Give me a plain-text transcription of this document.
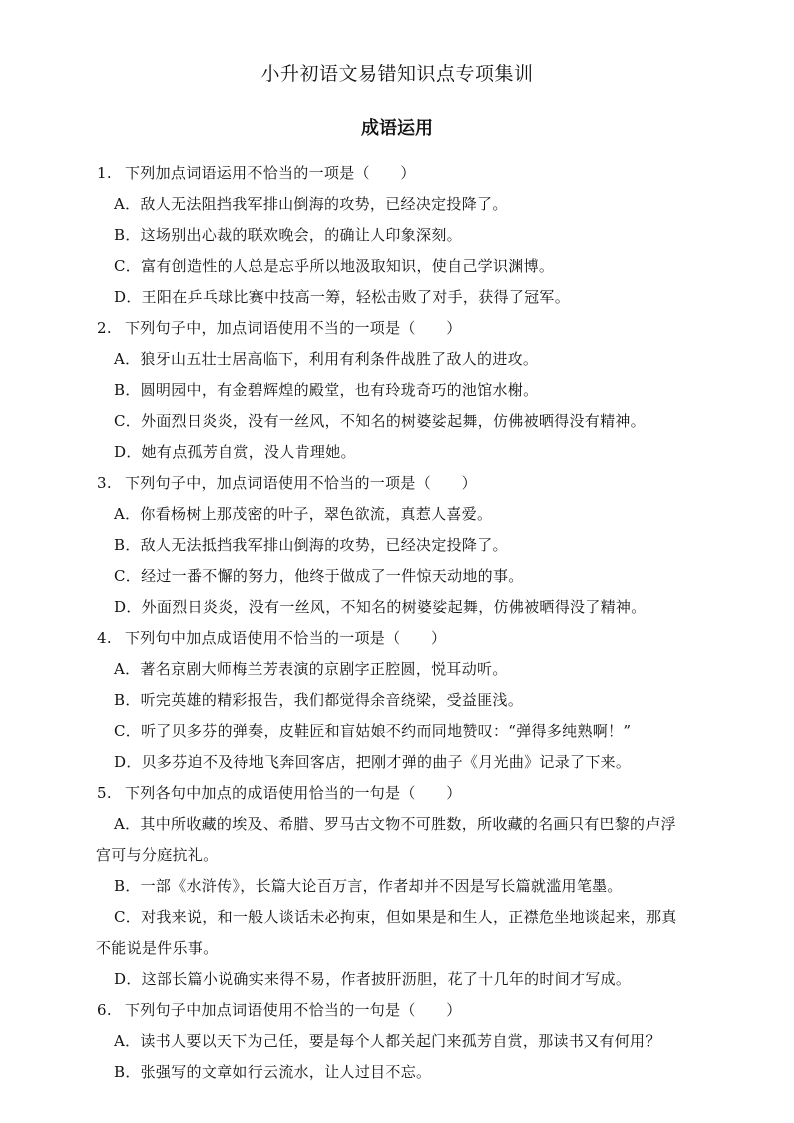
小升初语文易错知识点专项集训
成语运用
1. 下列加点词语运用不恰当的一项是（　　）
A．敌人无法阻挡我军排山倒海的攻势，已经决定投降了。
B．这场别出心裁的联欢晚会，的确让人印象深刻。
C．富有创造性的人总是忘乎所以地汲取知识，使自己学识渊博。
D．王阳在乒乓球比赛中技高一筹，轻松击败了对手，获得了冠军。
2. 下列句子中，加点词语使用不当的一项是（　　）
A．狼牙山五壮士居高临下，利用有利条件战胜了敌人的进攻。
B．圆明园中，有金碧辉煌的殿堂，也有玲珑奇巧的池馆水榭。
C．外面烈日炎炎，没有一丝风，不知名的树婆娑起舞，仿佛被晒得没有精神。
D．她有点孤芳自赏，没人肯理她。
3. 下列句子中，加点词语使用不恰当的一项是（　　）
A．你看杨树上那茂密的叶子，翠色欲流，真惹人喜爱。
B．敌人无法抵挡我军排山倒海的攻势，已经决定投降了。
C．经过一番不懈的努力，他终于做成了一件惊天动地的事。
D．外面烈日炎炎，没有一丝风，不知名的树婆娑起舞，仿佛被晒得没了精神。
4. 下列句中加点成语使用不恰当的一项是（　　）
A．著名京剧大师梅兰芳表演的京剧字正腔圆，悦耳动听。
B．听完英雄的精彩报告，我们都觉得余音绕梁，受益匪浅。
C．听了贝多芬的弹奏，皮鞋匠和盲姑娘不约而同地赞叹：“弹得多纯熟啊！”
D．贝多芬迫不及待地飞奔回客店，把刚才弹的曲子《月光曲》记录了下来。
5. 下列各句中加点的成语使用恰当的一句是（　　）
A．其中所收藏的埃及、希腊、罗马古文物不可胜数，所收藏的名画只有巴黎的卢浮
宫可与分庭抗礼。
B．一部《水浒传》，长篇大论百万言，作者却并不因是写长篇就滥用笔墨。
C．对我来说，和一般人谈话未必拘束，但如果是和生人，正襟危坐地谈起来，那真
不能说是件乐事。
D．这部长篇小说确实来得不易，作者披肝沥胆，花了十几年的时间才写成。
6. 下列句子中加点词语使用不恰当的一句是（　　）
A．读书人要以天下为己任，要是每个人都关起门来孤芳自赏，那读书又有何用？
B．张强写的文章如行云流水，让人过目不忘。
